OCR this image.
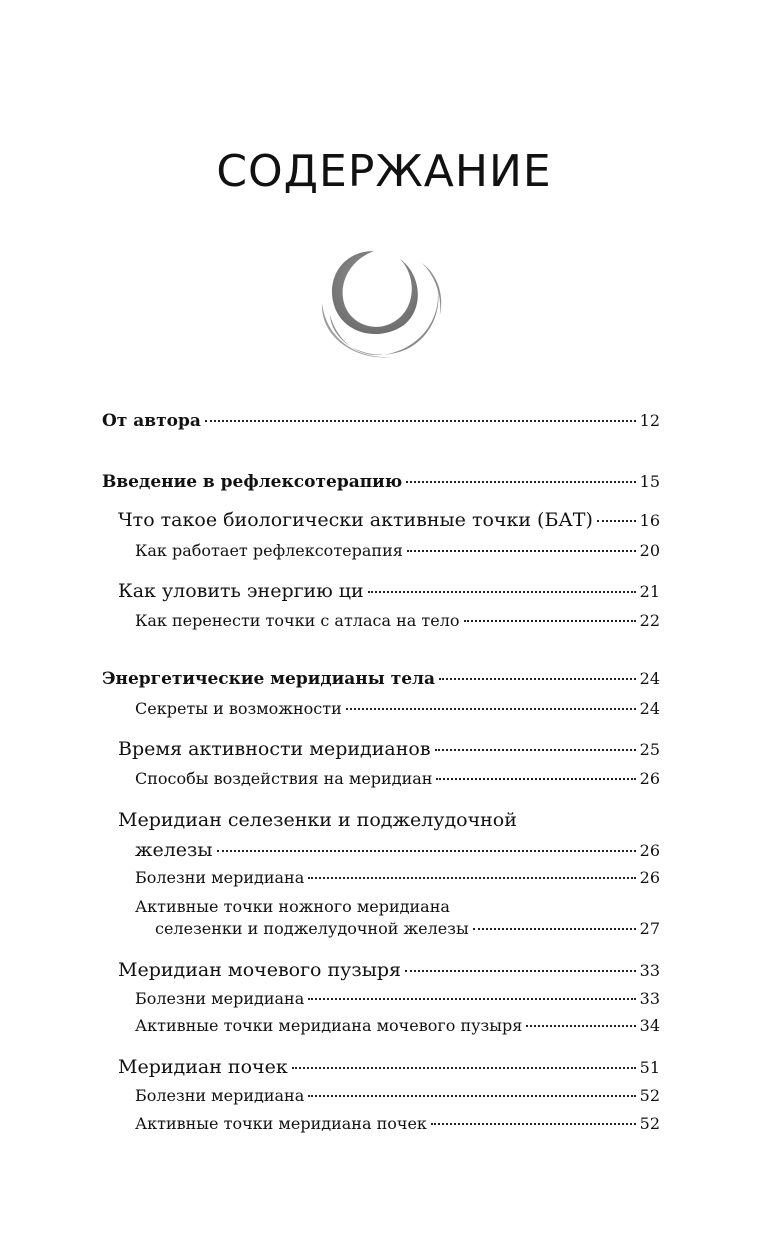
СОДЕРЖАНИЕ
От автора	12
Введение в рефлексотерапию	15
Что такое биологически активные точки (БАТ)	16
Как работает рефлексотерапия	20
Как уловить энергию ци	21
Как перенести точки с атласа на тело	22
Энергетические меридианы тела	24
Секреты и возможности	24
Время активности меридианов	25
Способы воздействия на меридиан	26
Меридиан селезенки и поджелудочной
железы	26
Болезни меридиана	26
Активные точки ножного меридиана
селезенки и поджелудочной железы	27
Меридиан мочевого пузыря	33
Болезни меридиана	33
Активные точки меридиана мочевого пузыря	34
Меридиан почек	51
Болезни меридиана	52
Активные точки меридиана почек	52
